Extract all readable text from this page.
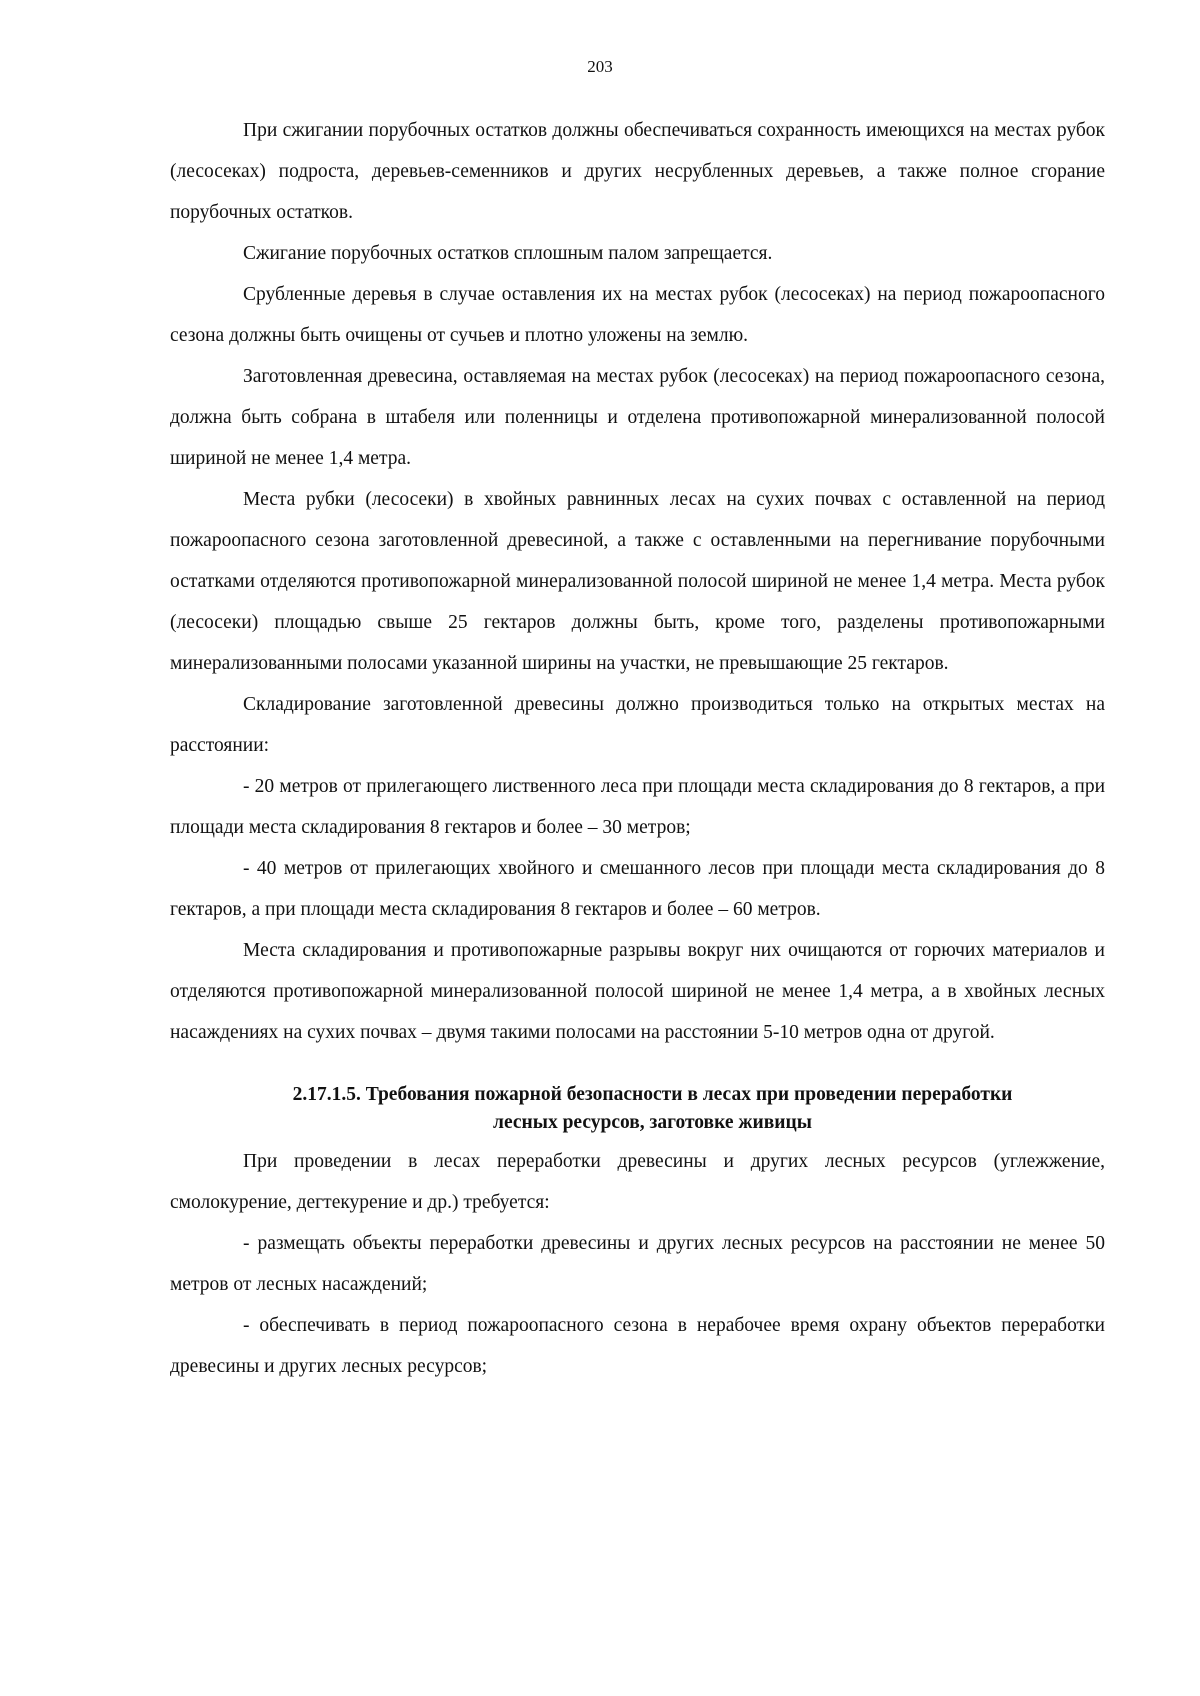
203

При сжигании порубочных остатков должны обеспечиваться сохранность имеющихся на местах рубок (лесосеках) подроста, деревьев-семенников и других несрубленных деревьев, а также полное сгорание порубочных остатков.

Сжигание порубочных остатков сплошным палом запрещается.

Срубленные деревья в случае оставления их на местах рубок (лесосеках) на период пожароопасного сезона должны быть очищены от сучьев и плотно уложены на землю.

Заготовленная древесина, оставляемая на местах рубок (лесосеках) на период пожароопасного сезона, должна быть собрана в штабеля или поленницы и отделена противопожарной минерализованной полосой шириной не менее 1,4 метра.

Места рубки (лесосеки) в хвойных равнинных лесах на сухих почвах с оставленной на период пожароопасного сезона заготовленной древесиной, а также с оставленными на перегнивание порубочными остатками отделяются противопожарной минерализованной полосой шириной не менее 1,4 метра. Места рубок (лесосеки) площадью свыше 25 гектаров должны быть, кроме того, разделены противопожарными минерализованными полосами указанной ширины на участки, не превышающие 25 гектаров.

Складирование заготовленной древесины должно производиться только на открытых местах на расстоянии:

- 20 метров от прилегающего лиственного леса при площади места складирования до 8 гектаров, а при площади места складирования 8 гектаров и более – 30 метров;

- 40 метров от прилегающих хвойного и смешанного лесов при площади места складирования до 8 гектаров, а при площади места складирования 8 гектаров и более – 60 метров.

Места складирования и противопожарные разрывы вокруг них очищаются от горючих материалов и отделяются противопожарной минерализованной полосой шириной не менее 1,4 метра, а в хвойных лесных насаждениях на сухих почвах – двумя такими полосами на расстоянии 5-10 метров одна от другой.

2.17.1.5. Требования пожарной безопасности в лесах при проведении переработки
лесных ресурсов, заготовке живицы

При проведении в лесах переработки древесины и других лесных ресурсов (углежжение, смолокурение, дегтекурение и др.) требуется:

- размещать объекты переработки древесины и других лесных ресурсов на расстоянии не менее 50 метров от лесных насаждений;

- обеспечивать в период пожароопасного сезона в нерабочее время охрану объектов переработки древесины и других лесных ресурсов;
